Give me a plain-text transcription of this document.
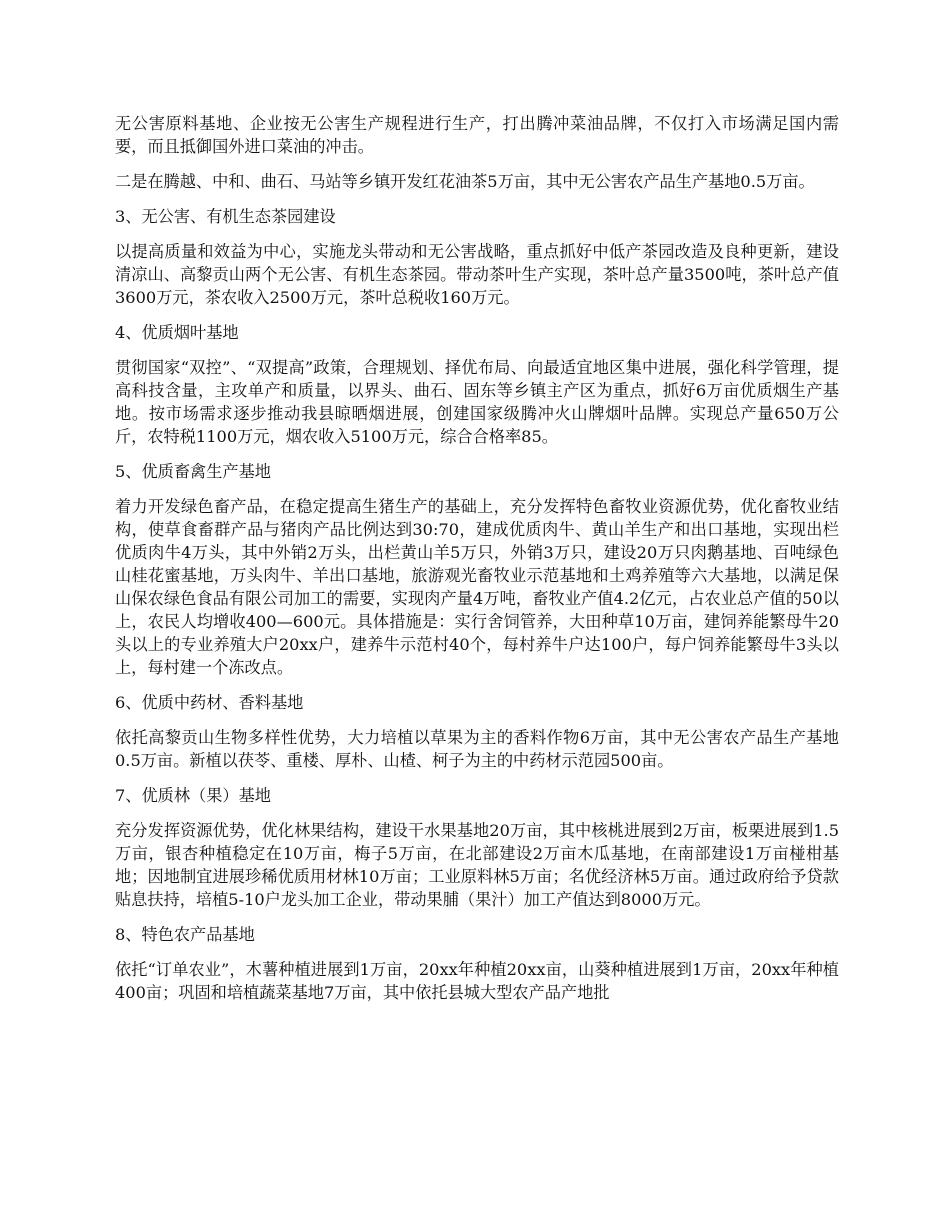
无公害原料基地、企业按无公害生产规程进行生产，打出腾冲菜油品牌，不仅打入市场满足国内需要，而且抵御国外进口菜油的冲击。

二是在腾越、中和、曲石、马站等乡镇开发红花油茶5万亩，其中无公害农产品生产基地0.5万亩。

3、无公害、有机生态茶园建设

以提高质量和效益为中心，实施龙头带动和无公害战略，重点抓好中低产茶园改造及良种更新，建设清凉山、高黎贡山两个无公害、有机生态茶园。带动茶叶生产实现，茶叶总产量3500吨，茶叶总产值3600万元，茶农收入2500万元，茶叶总税收160万元。

4、优质烟叶基地

贯彻国家“双控”、“双提高”政策，合理规划、择优布局、向最适宜地区集中进展，强化科学管理，提高科技含量，主攻单产和质量，以界头、曲石、固东等乡镇主产区为重点，抓好6万亩优质烟生产基地。按市场需求逐步推动我县晾晒烟进展，创建国家级腾冲火山牌烟叶品牌。实现总产量650万公斤，农特税1100万元，烟农收入5100万元，综合合格率85。

5、优质畜禽生产基地

着力开发绿色畜产品，在稳定提高生猪生产的基础上，充分发挥特色畜牧业资源优势，优化畜牧业结构，使草食畜群产品与猪肉产品比例达到30:70，建成优质肉牛、黄山羊生产和出口基地，实现出栏优质肉牛4万头，其中外销2万头，出栏黄山羊5万只，外销3万只，建设20万只肉鹅基地、百吨绿色山桂花蜜基地，万头肉牛、羊出口基地，旅游观光畜牧业示范基地和土鸡养殖等六大基地，以满足保山保农绿色食品有限公司加工的需要，实现肉产量4万吨，畜牧业产值4.2亿元，占农业总产值的50以上，农民人均增收400—600元。具体措施是：实行舍饲管养，大田种草10万亩，建饲养能繁母牛20头以上的专业养殖大户20xx户，建养牛示范村40个，每村养牛户达100户，每户饲养能繁母牛3头以上，每村建一个冻改点。

6、优质中药材、香料基地

依托高黎贡山生物多样性优势，大力培植以草果为主的香料作物6万亩，其中无公害农产品生产基地0.5万亩。新植以茯苓、重楼、厚朴、山楂、柯子为主的中药材示范园500亩。

7、优质林（果）基地

充分发挥资源优势，优化林果结构，建设干水果基地20万亩，其中核桃进展到2万亩，板栗进展到1.5万亩，银杏种植稳定在10万亩，梅子5万亩，在北部建设2万亩木瓜基地，在南部建设1万亩椪柑基地；因地制宜进展珍稀优质用材林10万亩；工业原料林5万亩；名优经济林5万亩。通过政府给予贷款贴息扶持，培植5-10户龙头加工企业，带动果脯（果汁）加工产值达到8000万元。

8、特色农产品基地

依托“订单农业”，木薯种植进展到1万亩，20xx年种植20xx亩，山葵种植进展到1万亩，20xx年种植400亩；巩固和培植蔬菜基地7万亩，其中依托县城大型农产品产地批
